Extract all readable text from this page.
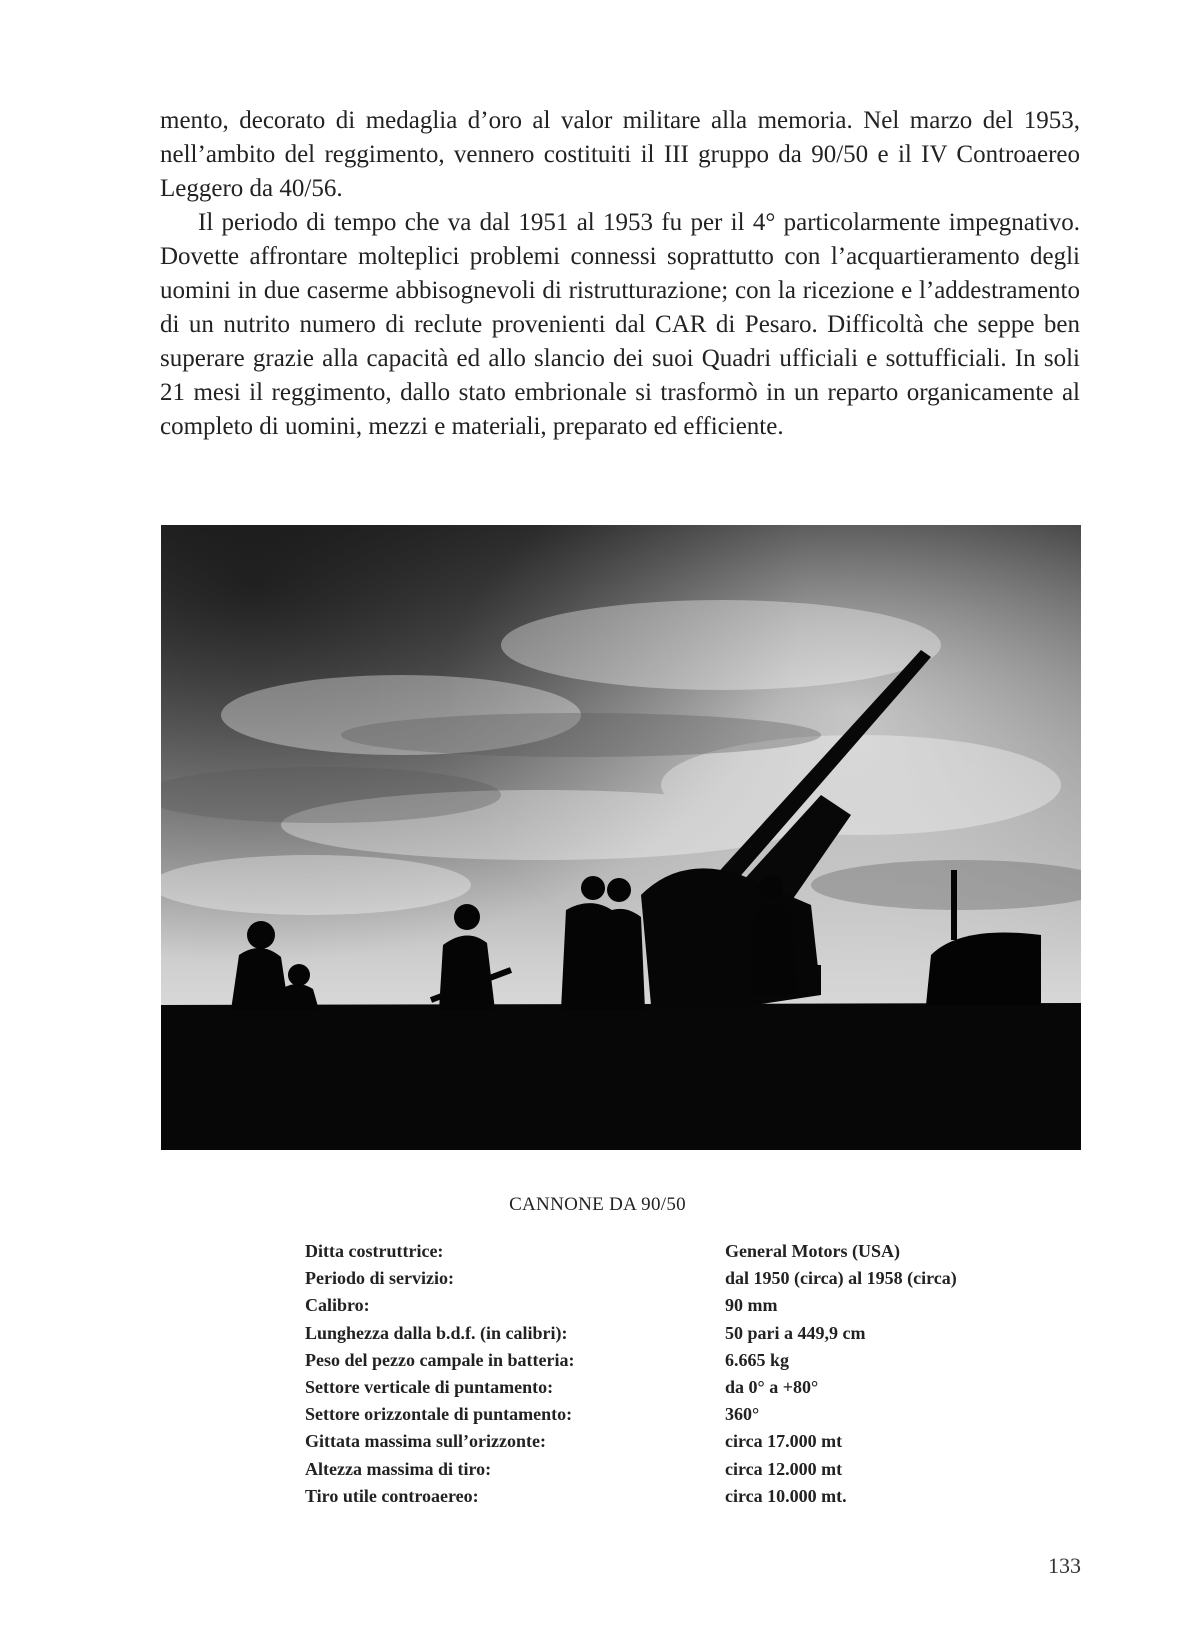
mento, decorato di medaglia d’oro al valor militare alla memoria. Nel marzo del 1953, nell’ambito del reggimento, vennero costituiti il III gruppo da 90/50 e il IV Controaereo Leggero da 40/56.

Il periodo di tempo che va dal 1951 al 1953 fu per il 4° particolarmente impegnativo. Dovette affrontare molteplici problemi connessi soprattutto con l’acquartieramento degli uomini in due caserme abbisognevoli di ristrutturazione; con la ricezione e l’addestramento di un nutrito numero di reclute provenienti dal CAR di Pesaro. Difficoltà che seppe ben superare grazie alla capacità ed allo slancio dei suoi Quadri ufficiali e sottufficiali. In soli 21 mesi il reggimento, dallo stato embrionale si trasformò in un reparto organicamente al completo di uomini, mezzi e materiali, preparato ed efficiente.

CANNONE DA 90/50
Ditta costruttrice:	General Motors (USA)
Periodo di servizio:	dal 1950 (circa) al 1958 (circa)
Calibro:	90 mm
Lunghezza dalla b.d.f. (in calibri):	50 pari a 449,9 cm
Peso del pezzo campale in batteria:	6.665 kg
Settore verticale di puntamento:	da 0° a +80°
Settore orizzontale di puntamento:	360°
Gittata massima sull’orizzonte:	circa 17.000 mt
Altezza massima di tiro:	circa 12.000 mt
Tiro utile controaereo:	circa 10.000 mt.
133
